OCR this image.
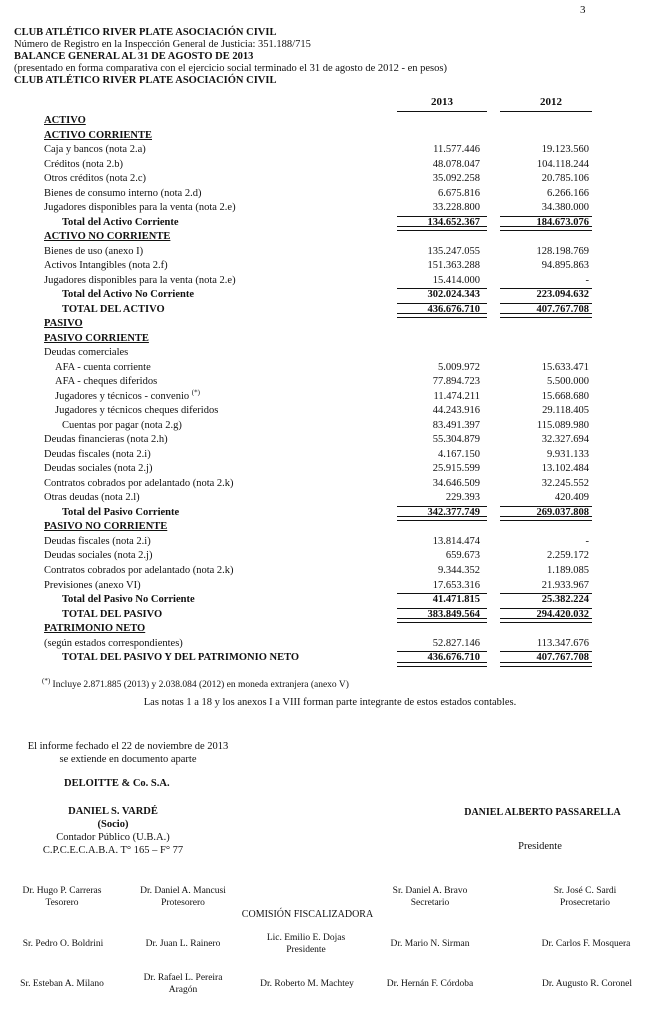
3
CLUB ATLÉTICO RIVER PLATE ASOCIACIÓN CIVIL
Número de Registro en la Inspección General de Justicia: 351.188/715
BALANCE GENERAL AL 31 DE AGOSTO DE 2013
(presentado en forma comparativa con el ejercicio social terminado el 31 de agosto de 2012 - en pesos)
CLUB ATLÉTICO RIVER PLATE ASOCIACIÓN CIVIL
2013	2012
ACTIVO
ACTIVO CORRIENTE
Caja y bancos (nota 2.a)	11.577.446	19.123.560
Créditos (nota 2.b)	48.078.047	104.118.244
Otros créditos (nota 2.c)	35.092.258	20.785.106
Bienes de consumo interno (nota 2.d)	6.675.816	6.266.166
Jugadores disponibles para la venta (nota 2.e)	33.228.800	34.380.000
Total del Activo Corriente	134.652.367	184.673.076
ACTIVO NO CORRIENTE
Bienes de uso (anexo I)	135.247.055	128.198.769
Activos Intangibles (nota 2.f)	151.363.288	94.895.863
Jugadores disponibles para la venta (nota 2.e)	15.414.000	-
Total del Activo No Corriente	302.024.343	223.094.632
TOTAL DEL ACTIVO	436.676.710	407.767.708
PASIVO
PASIVO CORRIENTE
Deudas comerciales
AFA - cuenta corriente	5.009.972	15.633.471
AFA - cheques diferidos	77.894.723	5.500.000
Jugadores y técnicos - convenio (*)	11.474.211	15.668.680
Jugadores y técnicos cheques diferidos	44.243.916	29.118.405
Cuentas por pagar (nota 2.g)	83.491.397	115.089.980
Deudas financieras (nota 2.h)	55.304.879	32.327.694
Deudas fiscales (nota 2.i)	4.167.150	9.931.133
Deudas sociales (nota 2.j)	25.915.599	13.102.484
Contratos cobrados por adelantado (nota 2.k)	34.646.509	32.245.552
Otras deudas (nota 2.l)	229.393	420.409
Total del Pasivo Corriente	342.377.749	269.037.808
PASIVO NO CORRIENTE
Deudas fiscales (nota 2.i)	13.814.474	-
Deudas sociales (nota 2.j)	659.673	2.259.172
Contratos cobrados por adelantado (nota 2.k)	9.344.352	1.189.085
Previsiones (anexo VI)	17.653.316	21.933.967
Total del Pasivo No Corriente	41.471.815	25.382.224
TOTAL DEL PASIVO	383.849.564	294.420.032
PATRIMONIO NETO
(según estados correspondientes)	52.827.146	113.347.676
TOTAL DEL PASIVO Y DEL PATRIMONIO NETO	436.676.710	407.767.708
(*) Incluye 2.871.885 (2013) y 2.038.084 (2012) en moneda extranjera (anexo V)
Las notas 1 a 18 y los anexos I a VIII forman parte integrante de estos estados contables.
El informe fechado el 22 de noviembre de 2013
se extiende en documento aparte
DELOITTE & Co. S.A.
DANIEL S. VARDÉ
(Socio)
Contador Público (U.B.A.)
C.P.C.E.C.A.B.A. T° 165 – F° 77
DANIEL ALBERTO PASSARELLA
Presidente
Dr. Hugo P. Carreras
Tesorero
Dr. Daniel A. Mancusi
Protesorero
Sr. Daniel A. Bravo
Secretario
Sr. José C. Sardi
Prosecretario
COMISIÓN FISCALIZADORA
Sr. Pedro O. Boldrini	Dr. Juan L. Rainero
Lic. Emilio E. Dojas
Presidente
Dr. Mario N. Sirman	Dr. Carlos F. Mosquera
Sr. Esteban A. Milano
Dr. Rafael L. Pereira
Aragón
Dr. Roberto M. Machtey	Dr. Hernán F. Córdoba	Dr. Augusto R. Coronel
